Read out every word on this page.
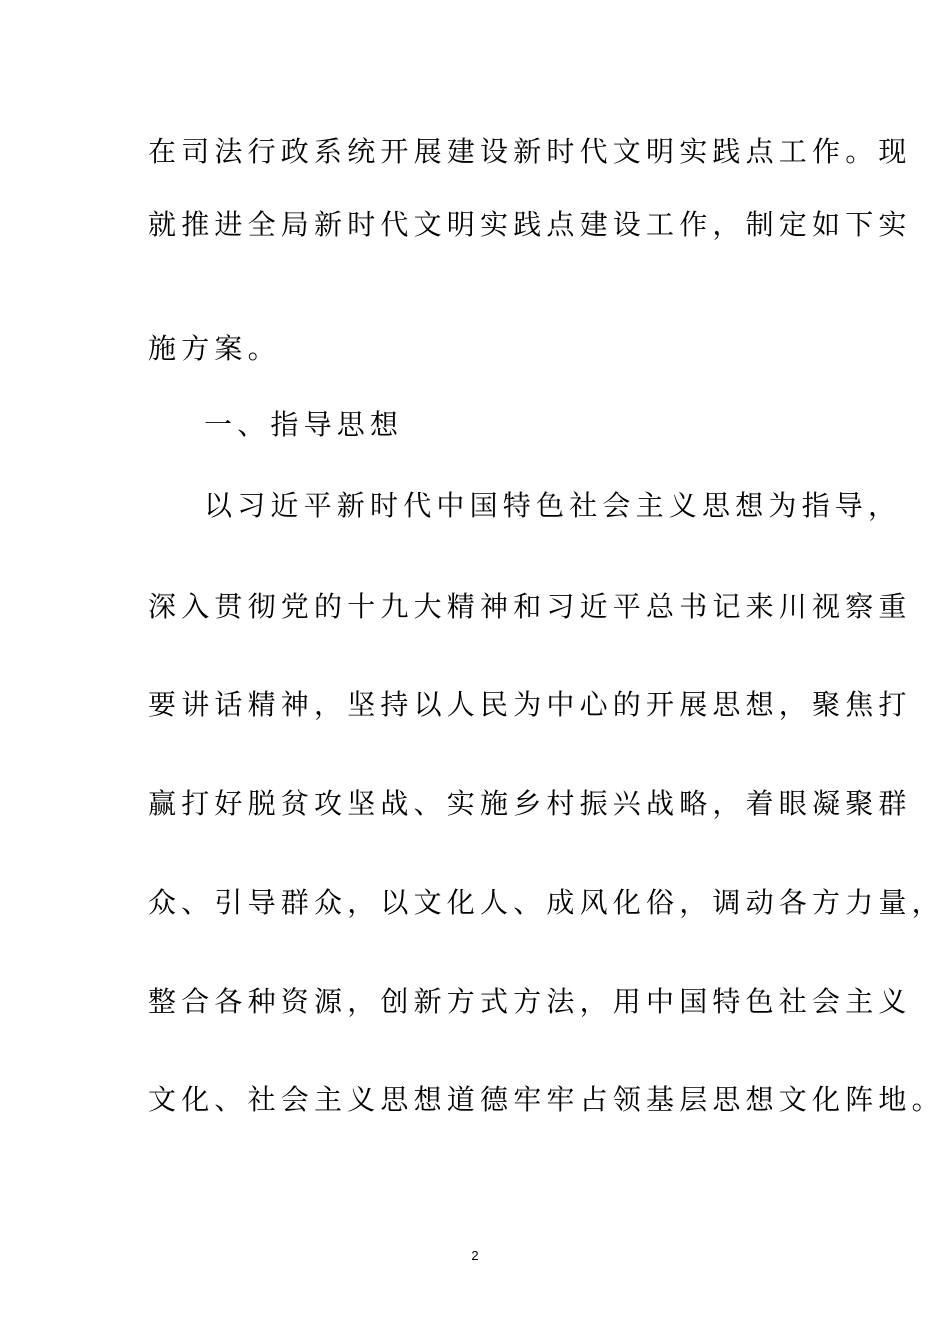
在司法行政系统开展建设新时代文明实践点工作。现
就推进全局新时代文明实践点建设工作，制定如下实
施方案。
一、指导思想
以习近平新时代中国特色社会主义思想为指导，
深入贯彻党的十九大精神和习近平总书记来川视察重
要讲话精神，坚持以人民为中心的开展思想，聚焦打
赢打好脱贫攻坚战、实施乡村振兴战略，着眼凝聚群
众、引导群众，以文化人、成风化俗，调动各方力量，
整合各种资源，创新方式方法，用中国特色社会主义
文化、社会主义思想道德牢牢占领基层思想文化阵地。
2
